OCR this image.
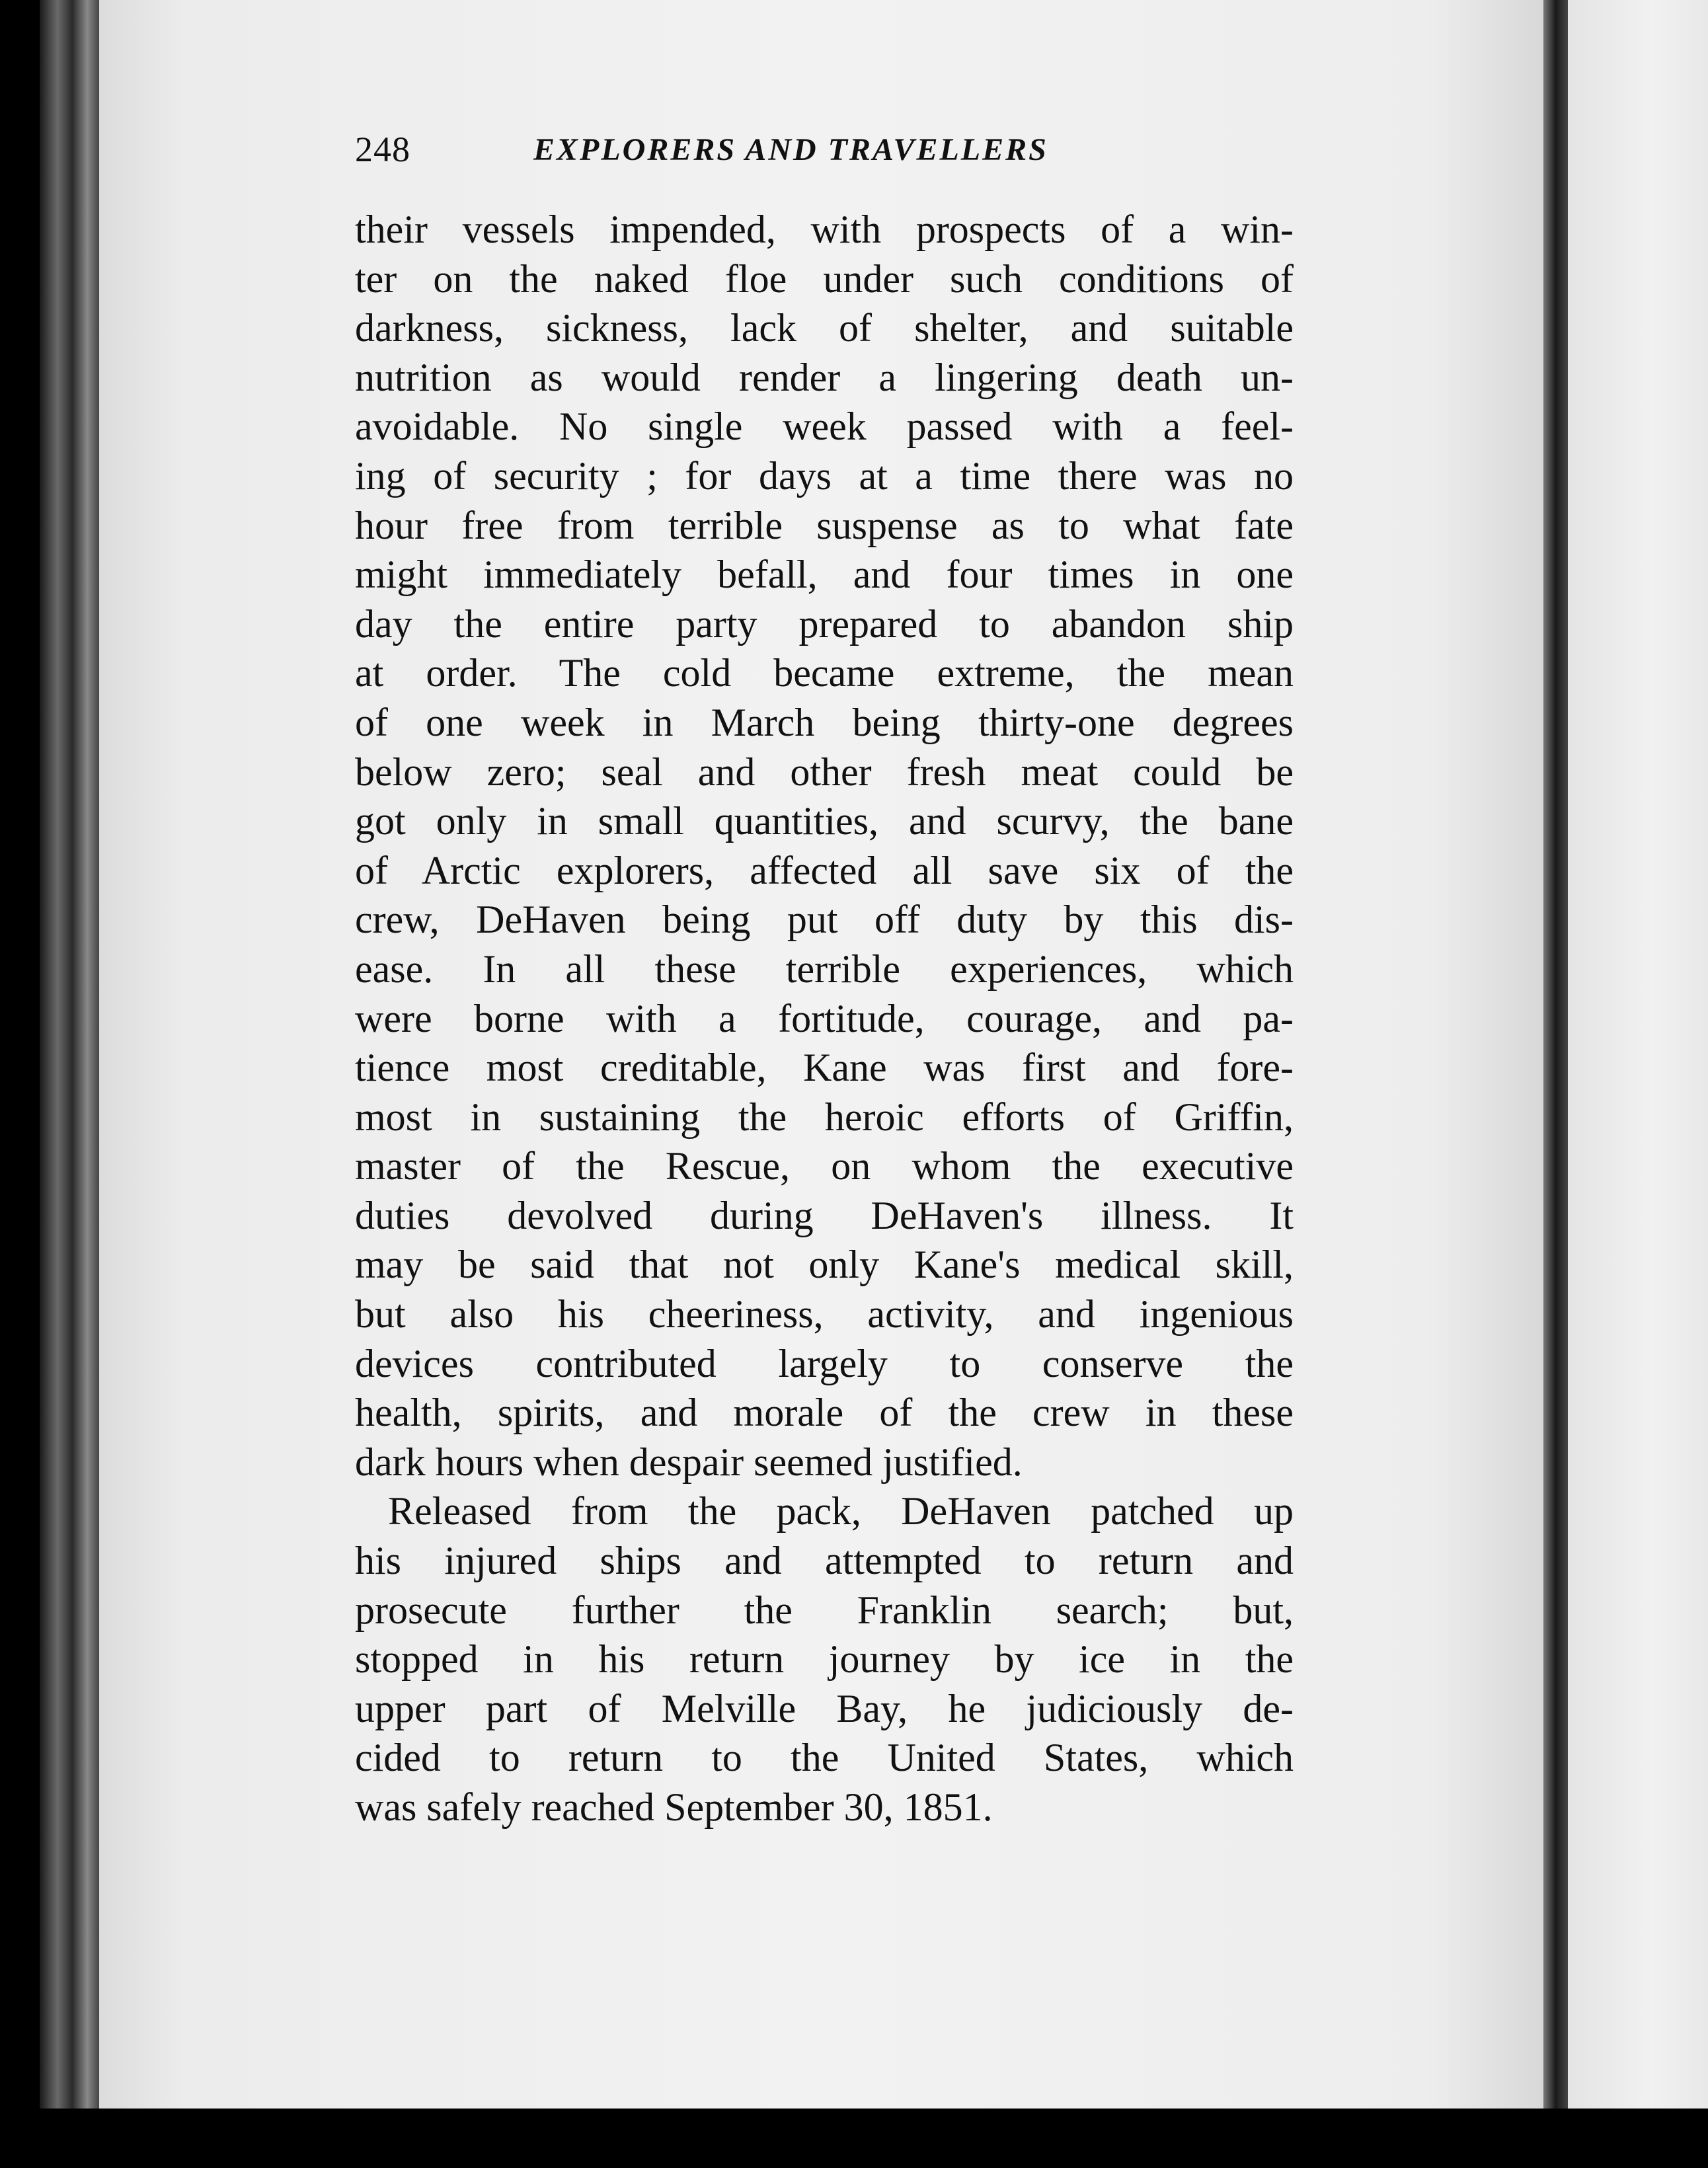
248	EXPLORERS AND TRAVELLERS
their vessels impended, with prospects of a win-
ter on the naked floe under such conditions of
darkness, sickness, lack of shelter, and suitable
nutrition as would render a lingering death un-
avoidable. No single week passed with a feel-
ing of security ; for days at a time there was no
hour free from terrible suspense as to what fate
might immediately befall, and four times in one
day the entire party prepared to abandon ship
at order. The cold became extreme, the mean
of one week in March being thirty-one degrees
below zero; seal and other fresh meat could be
got only in small quantities, and scurvy, the bane
of Arctic explorers, affected all save six of the
crew, DeHaven being put off duty by this dis-
ease. In all these terrible experiences, which
were borne with a fortitude, courage, and pa-
tience most creditable, Kane was first and fore-
most in sustaining the heroic efforts of Griffin,
master of the Rescue, on whom the executive
duties devolved during DeHaven's illness. It
may be said that not only Kane's medical skill,
but also his cheeriness, activity, and ingenious
devices contributed largely to conserve the
health, spirits, and morale of the crew in these
dark hours when despair seemed justified.
Released from the pack, DeHaven patched up
his injured ships and attempted to return and
prosecute further the Franklin search; but,
stopped in his return journey by ice in the
upper part of Melville Bay, he judiciously de-
cided to return to the United States, which
was safely reached September 30, 1851.
